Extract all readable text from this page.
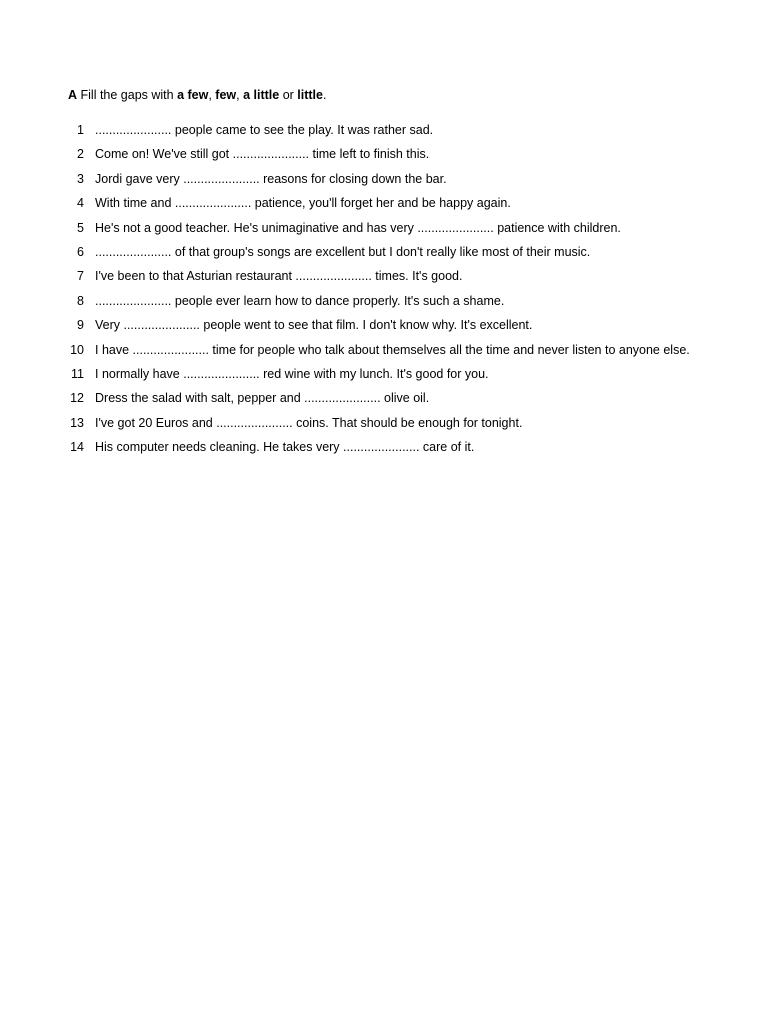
A Fill the gaps with a few, few, a little or little.
1 ...................... people came to see the play. It was rather sad.
2 Come on! We've still got ...................... time left to finish this.
3 Jordi gave very ...................... reasons for closing down the bar.
4 With time and ...................... patience, you'll forget her and be happy again.
5 He's not a good teacher. He's unimaginative and has very ...................... patience with children.
6 ...................... of that group's songs are excellent but I don't really like most of their music.
7 I've been to that Asturian restaurant ...................... times. It's good.
8 ...................... people ever learn how to dance properly. It's such a shame.
9 Very ...................... people went to see that film. I don't know why. It's excellent.
10 I have ...................... time for people who talk about themselves all the time and never listen to anyone else.
11 I normally have ...................... red wine with my lunch. It's good for you.
12 Dress the salad with salt, pepper and ...................... olive oil.
13 I've got 20 Euros and ...................... coins. That should be enough for tonight.
14 His computer needs cleaning. He takes very ...................... care of it.
